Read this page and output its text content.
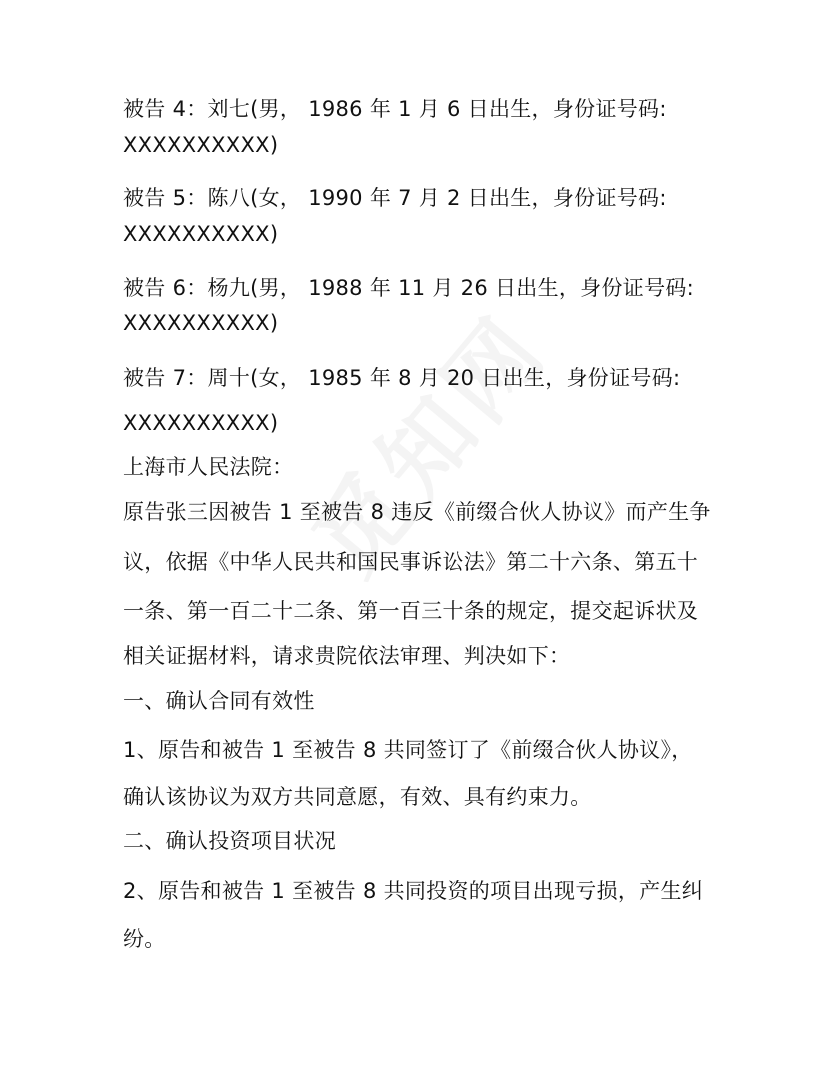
被告 4：刘七(男， 1986 年 1 月 6 日出生，身份证号码:
XXXXXXXXXX)
被告 5：陈八(女， 1990 年 7 月 2 日出生，身份证号码:
XXXXXXXXXX)
被告 6：杨九(男， 1988 年 11 月 26 日出生，身份证号码:
XXXXXXXXXX)
被告 7：周十(女， 1985 年 8 月 20 日出生，身份证号码:
XXXXXXXXXX)
上海市人民法院：
原告张三因被告 1 至被告 8 违反《前缀合伙人协议》而产生争
议，依据《中华人民共和国民事诉讼法》第二十六条、第五十
一条、第一百二十二条、第一百三十条的规定，提交起诉状及
相关证据材料，请求贵院依法审理、判决如下：
一、确认合同有效性
1、原告和被告 1 至被告 8 共同签订了《前缀合伙人协议》，
确认该协议为双方共同意愿，有效、具有约束力。
二、确认投资项目状况
2、原告和被告 1 至被告 8 共同投资的项目出现亏损，产生纠
纷。
